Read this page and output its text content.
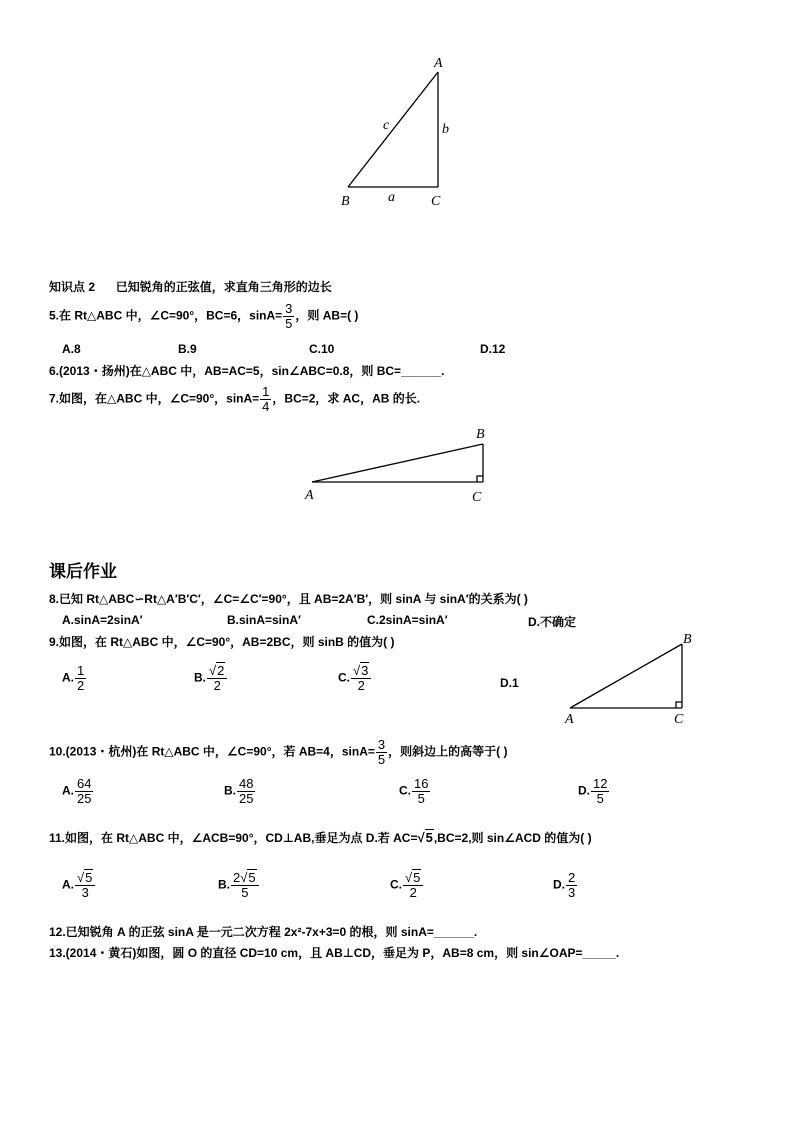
A
B	C
a
b
c
知识点 2 已知锐角的正弦值，求直角三角形的边长
5.在 Rt△ABC 中，∠C=90°，BC=6，$\sin A= \frac{3}{5}$ ，则 AB=( )
A.8	B.9	C.10	D.12
6.(2013・扬州)在△ABC 中，AB=AC=5，sin∠ABC=0.8，则 BC=______.
7.如图，在△ABC 中，∠C=90°，$\sin A= \frac{1}{4}$ ，BC=2，求 AC，AB 的长.
B
A	C
课后作业
8.已知 Rt△ABC∽Rt△A′B′C′，∠C=∠C′=90°，且 AB=2A′B′，则 sinA 与 sinA′的关系为( )
A.sinA=2sinA′	B.sinA=sinA′	C.2sinA=sinA′	D.不确定
9.如图，在 Rt△ABC 中，∠C=90°，AB=2BC，则 sinB 的值为( )
A. $\frac{1}{2}$	B. $\frac{√2}{2}$	C. $\frac{√3}{2}$	D.1
B
A	C
10.(2013・杭州)在 Rt△ABC 中，∠C=90°，若 AB=4，$\sin A= \frac{3}{5}$ ，则斜边上的高等于( )
A. $\frac{64}{25}$	B. $\frac{48}{25}$	C. $\frac{16}{5}$	D. $\frac{12}{5}$
11.如图，在 Rt△ABC 中，∠ACB=90°，CD⊥AB,垂足为点 D.若 AC=√5,BC=2,则 sin∠ACD 的值为( )
A. $\frac{√5}{3}$	B. $\frac{2√5}{5}$	C. $\frac{√5}{2}$	D. $\frac{2}{3}$
12.已知锐角 A 的正弦 sinA 是一元二次方程 2x²-7x+3=0 的根，则 sinA=______.
13.(2014・黄石)如图，圆 O 的直径 CD=10 cm，且 AB⊥CD，垂足为 P，AB=8 cm，则 sin∠OAP=_____.
